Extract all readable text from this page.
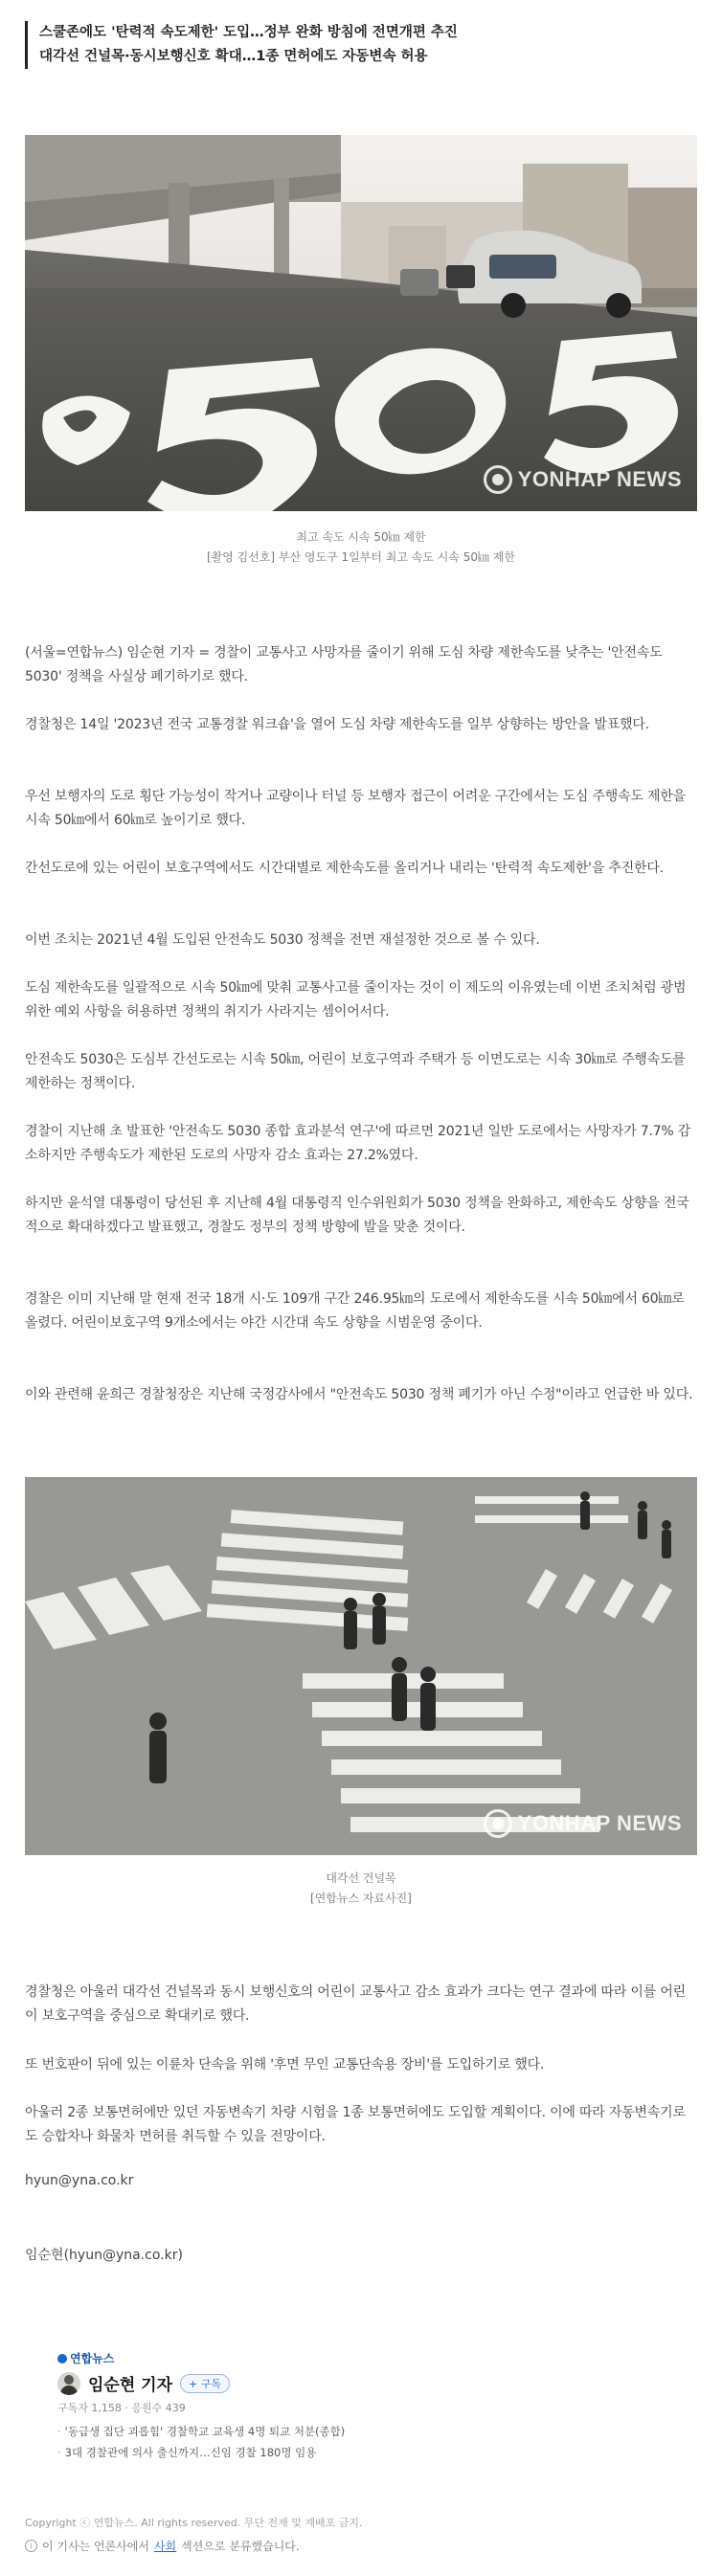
스쿨존에도 '탄력적 속도제한' 도입…정부 완화 방침에 전면개편 추진
대각선 건널목·동시보행신호 확대…1종 면허에도 자동변속 허용
YONHAP NEWS
최고 속도 시속 50㎞ 제한
[촬영 김선호] 부산 영도구 1일부터 최고 속도 시속 50㎞ 제한

(서울=연합뉴스) 임순현 기자 = 경찰이 교통사고 사망자를 줄이기 위해 도심 차량 제한속도를 낮추는 '안전속도 5030' 정책을 사실상 폐기하기로 했다.

경찰청은 14일 '2023년 전국 교통경찰 워크숍'을 열어 도심 차량 제한속도를 일부 상향하는 방안을 발표했다.

우선 보행자의 도로 횡단 가능성이 작거나 교량이나 터널 등 보행자 접근이 어려운 구간에서는 도심 주행속도 제한을 시속 50㎞에서 60㎞로 높이기로 했다.

간선도로에 있는 어린이 보호구역에서도 시간대별로 제한속도를 올리거나 내리는 '탄력적 속도제한'을 추진한다.

이번 조치는 2021년 4월 도입된 안전속도 5030 정책을 전면 재설정한 것으로 볼 수 있다.

도심 제한속도를 일괄적으로 시속 50㎞에 맞춰 교통사고를 줄이자는 것이 이 제도의 이유였는데 이번 조치처럼 광범위한 예외 사항을 허용하면 정책의 취지가 사라지는 셈이어서다.

안전속도 5030은 도심부 간선도로는 시속 50㎞, 어린이 보호구역과 주택가 등 이면도로는 시속 30㎞로 주행속도를 제한하는 정책이다.

경찰이 지난해 초 발표한 '안전속도 5030 종합 효과분석 연구'에 따르면 2021년 일반 도로에서는 사망자가 7.7% 감소하지만 주행속도가 제한된 도로의 사망자 감소 효과는 27.2%였다.

하지만 윤석열 대통령이 당선된 후 지난해 4월 대통령직 인수위원회가 5030 정책을 완화하고, 제한속도 상향을 전국적으로 확대하겠다고 발표했고, 경찰도 정부의 정책 방향에 발을 맞춘 것이다.

경찰은 이미 지난해 말 현재 전국 18개 시·도 109개 구간 246.95㎞의 도로에서 제한속도를 시속 50㎞에서 60㎞로 올렸다. 어린이보호구역 9개소에서는 야간 시간대 속도 상향을 시범운영 중이다.

이와 관련해 윤희근 경찰청장은 지난해 국정감사에서 "안전속도 5030 정책 폐기가 아닌 수정"이라고 언급한 바 있다.

YONHAP NEWS
대각선 건널목
[연합뉴스 자료사진]

경찰청은 아울러 대각선 건널목과 동시 보행신호의 어린이 교통사고 감소 효과가 크다는 연구 결과에 따라 이를 어린이 보호구역을 중심으로 확대키로 했다.

또 번호판이 뒤에 있는 이륜차 단속을 위해 '후면 무인 교통단속용 장비'를 도입하기로 했다.

아울러 2종 보통면허에만 있던 자동변속기 차량 시험을 1종 보통면허에도 도입할 계획이다. 이에 따라 자동변속기로도 승합차나 화물차 면허를 취득할 수 있을 전망이다.

hyun@yna.co.kr
임순현(hyun@yna.co.kr)
연합뉴스
임순현 기자	+ 구독
구독자 1,158 · 응원수 439
· '동급생 집단 괴롭힘' 경찰학교 교육생 4명 퇴교 처분(종합)
· 3대 경찰관에 의사 출신까지…신임 경찰 180명 임용
Copyright ⓒ 연합뉴스. All rights reserved. 무단 전재 및 재배포 금지.
i 이 기사는 언론사에서 사회 섹션으로 분류했습니다.
